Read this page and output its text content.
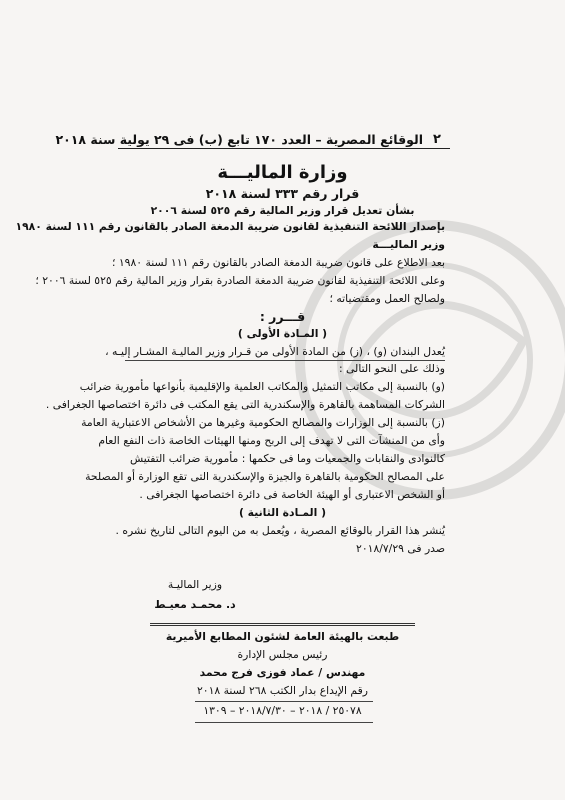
٢
الوقائع المصرية – العدد ١٧٠ تابع (ب) فى ٢٩ يولية سنة ٢٠١٨
وزارة الماليـــة
قرار رقم ٣٣٣ لسنة ٢٠١٨
بشأن تعديل قرار وزير المالية رقم ٥٢٥ لسنة ٢٠٠٦
بإصدار اللائحة التنفيذية لقانون ضريبة الدمغة الصادر بالقانون رقم ١١١ لسنة ١٩٨٠
وزير الماليـــة
بعد الاطلاع على قانون ضريبة الدمغة الصادر بالقانون رقم ١١١ لسنة ١٩٨٠ ؛
وعلى اللائحة التنفيذية لقانون ضريبة الدمغة الصادرة بقرار وزير المالية رقم ٥٢٥ لسنة ٢٠٠٦ ؛
ولصالح العمل ومقتضياته ؛
قـــرر :
( المـادة الأولى )
يُعدل البندان (و) ، (ز) من المادة الأولى من قـرار وزير الماليـة المشـار إليـه ،
وذلك على النحو التالى :
(و) بالنسبة إلى مكاتب التمثيل والمكاتب العلمية والإقليمية بأنواعها مأمورية ضرائب
الشركات المساهمة بالقاهرة والإسكندرية التى يقع المكتب فى دائرة اختصاصها الجغرافى .
(ز) بالنسبة إلى الوزارات والمصالح الحكومية وغيرها من الأشخاص الاعتبارية العامة
وأى من المنشآت التى لا تهدف إلى الربح ومنها الهيئات الخاصة ذات النفع العام
كالنوادى والنقابات والجمعيات وما فى حكمها : مأمورية ضرائب التفتيش
على المصالح الحكومية بالقاهرة والجيزة والإسكندرية التى تقع الوزارة أو المصلحة
أو الشخص الاعتبارى أو الهيئة الخاصة فى دائرة اختصاصها الجغرافى .
( المـادة الثانية )
يُنشر هذا القرار بالوقائع المصرية ، ويُعمل به من اليوم التالى لتاريخ نشره .
صدر فى ٢٠١٨/٧/٢٩
وزير الماليـة
د. محمـد معيـط
طبعت بالهيئة العامة لشئون المطابع الأميرية
رئيس مجلس الإدارة
مهندس / عماد فوزى فرج محمد
رقم الإيداع بدار الكتب ٢٦٨ لسنة ٢٠١٨
٢٥٠٧٨ / ٢٠١٨ – ٢٠١٨/٧/٣٠ – ١٣٠٩
